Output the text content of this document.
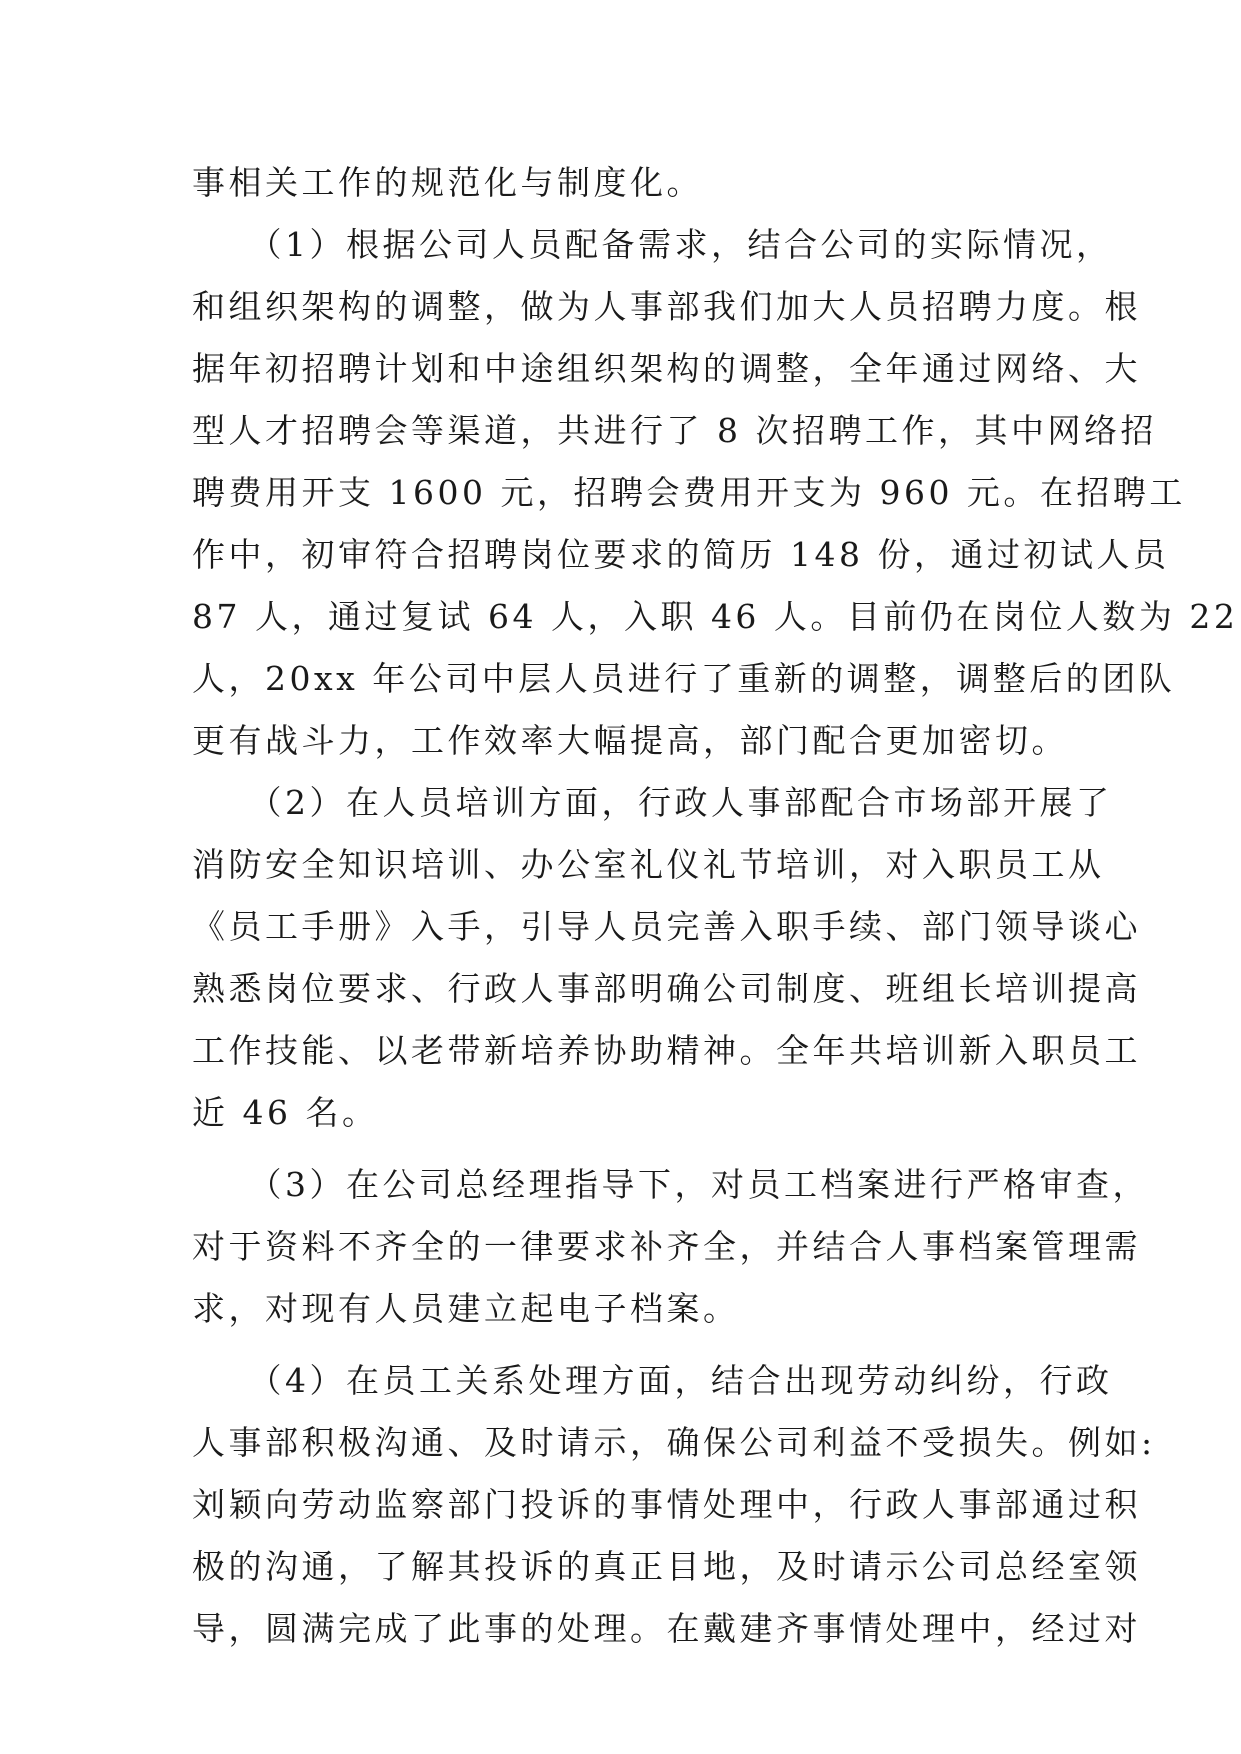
事相关工作的规范化与制度化。
　　（1）根据公司人员配备需求，结合公司的实际情况，
和组织架构的调整，做为人事部我们加大人员招聘力度。根
据年初招聘计划和中途组织架构的调整，全年通过网络、大
型人才招聘会等渠道，共进行了 8 次招聘工作，其中网络招
聘费用开支 1600 元，招聘会费用开支为 960 元。在招聘工
作中，初审符合招聘岗位要求的简历 148 份，通过初试人员
87 人，通过复试 64 人，入职 46 人。目前仍在岗位人数为 22
人，20xx 年公司中层人员进行了重新的调整，调整后的团队
更有战斗力，工作效率大幅提高，部门配合更加密切。
　　（2）在人员培训方面，行政人事部配合市场部开展了
消防安全知识培训、办公室礼仪礼节培训，对入职员工从
《员工手册》入手，引导人员完善入职手续、部门领导谈心
熟悉岗位要求、行政人事部明确公司制度、班组长培训提高
工作技能、以老带新培养协助精神。全年共培训新入职员工
近 46 名。
　　（3）在公司总经理指导下，对员工档案进行严格审查，
对于资料不齐全的一律要求补齐全，并结合人事档案管理需
求，对现有人员建立起电子档案。
　　（4）在员工关系处理方面，结合出现劳动纠纷，行政
人事部积极沟通、及时请示，确保公司利益不受损失。例如:
刘颖向劳动监察部门投诉的事情处理中，行政人事部通过积
极的沟通，了解其投诉的真正目地，及时请示公司总经室领
导，圆满完成了此事的处理。在戴建齐事情处理中，经过对
